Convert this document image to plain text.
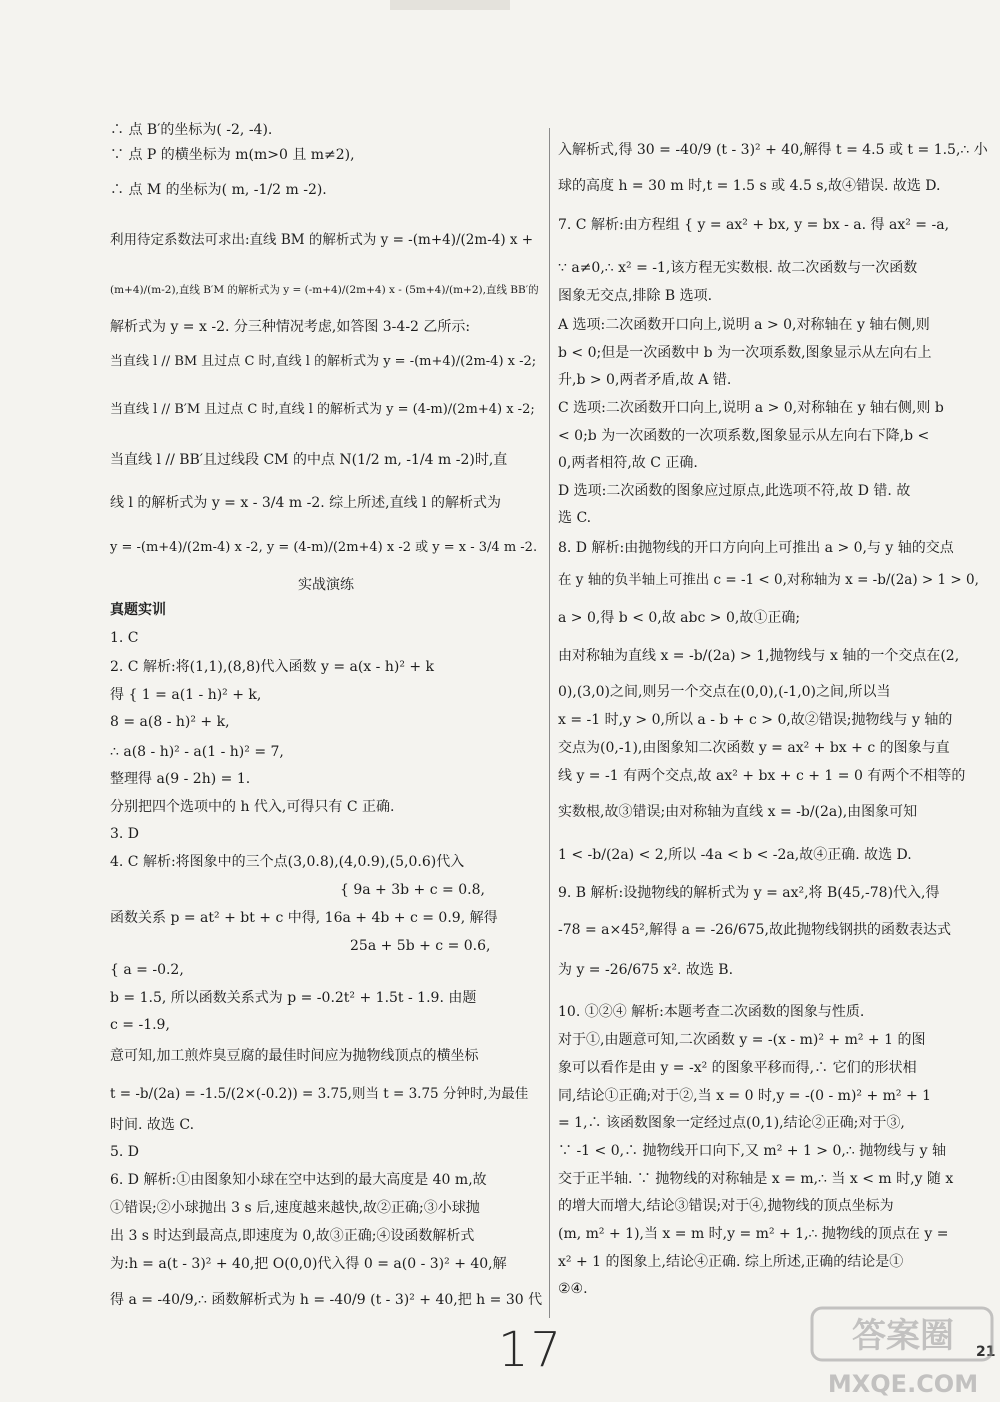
∴ 点 B′的坐标为( -2, -4).
∵ 点 P 的横坐标为 m(m>0 且 m≠2),
∴ 点 M 的坐标为( m, -1/2 m -2).
利用待定系数法可求出:直线 BM 的解析式为 y = -(m+4)/(2m-4) x +
(m+4)/(m-2),直线 B′M 的解析式为 y = (-m+4)/(2m+4) x - (5m+4)/(m+2),直线 BB′的
解析式为 y = x -2. 分三种情况考虑,如答图 3-4-2 乙所示:
当直线 l // BM 且过点 C 时,直线 l 的解析式为 y = -(m+4)/(2m-4) x -2;
当直线 l // B′M 且过点 C 时,直线 l 的解析式为 y = (4-m)/(2m+4) x -2;
当直线 l // BB′且过线段 CM 的中点 N(1/2 m, -1/4 m -2)时,直
线 l 的解析式为 y = x - 3/4 m -2. 综上所述,直线 l 的解析式为
y = -(m+4)/(2m-4) x -2, y = (4-m)/(2m+4) x -2 或 y = x - 3/4 m -2.
实战演练
真题实训
1. C
2. C 解析:将(1,1),(8,8)代入函数 y = a(x - h)² + k
得 { 1 = a(1 - h)² + k,
8 = a(8 - h)² + k,
∴ a(8 - h)² - a(1 - h)² = 7,
整理得 a(9 - 2h) = 1.
分别把四个选项中的 h 代入,可得只有 C 正确.
3. D
4. C 解析:将图象中的三个点(3,0.8),(4,0.9),(5,0.6)代入
{ 9a + 3b + c = 0.8,
函数关系 p = at² + bt + c 中得, 16a + 4b + c = 0.9, 解得
25a + 5b + c = 0.6,
{ a = -0.2,
b = 1.5, 所以函数关系式为 p = -0.2t² + 1.5t - 1.9. 由题
c = -1.9,
意可知,加工煎炸臭豆腐的最佳时间应为抛物线顶点的横坐标
t = -b/(2a) = -1.5/(2×(-0.2)) = 3.75,则当 t = 3.75 分钟时,为最佳
时间. 故选 C.
5. D
6. D 解析:①由图象知小球在空中达到的最大高度是 40 m,故
①错误;②小球抛出 3 s 后,速度越来越快,故②正确;③小球抛
出 3 s 时达到最高点,即速度为 0,故③正确;④设函数解析式
为:h = a(t - 3)² + 40,把 O(0,0)代入得 0 = a(0 - 3)² + 40,解
得 a = -40/9,∴ 函数解析式为 h = -40/9 (t - 3)² + 40,把 h = 30 代
入解析式,得 30 = -40/9 (t - 3)² + 40,解得 t = 4.5 或 t = 1.5,∴ 小
球的高度 h = 30 m 时,t = 1.5 s 或 4.5 s,故④错误. 故选 D.
7. C 解析:由方程组 { y = ax² + bx, y = bx - a. 得 ax² = -a,
∵ a≠0,∴ x² = -1,该方程无实数根. 故二次函数与一次函数
图象无交点,排除 B 选项.
A 选项:二次函数开口向上,说明 a > 0,对称轴在 y 轴右侧,则
b < 0;但是一次函数中 b 为一次项系数,图象显示从左向右上
升,b > 0,两者矛盾,故 A 错.
C 选项:二次函数开口向上,说明 a > 0,对称轴在 y 轴右侧,则 b
< 0;b 为一次函数的一次项系数,图象显示从左向右下降,b <
0,两者相符,故 C 正确.
D 选项:二次函数的图象应过原点,此选项不符,故 D 错. 故
选 C.
8. D 解析:由抛物线的开口方向向上可推出 a > 0,与 y 轴的交点
在 y 轴的负半轴上可推出 c = -1 < 0,对称轴为 x = -b/(2a) > 1 > 0,
a > 0,得 b < 0,故 abc > 0,故①正确;
由对称轴为直线 x = -b/(2a) > 1,抛物线与 x 轴的一个交点在(2,
0),(3,0)之间,则另一个交点在(0,0),(-1,0)之间,所以当
x = -1 时,y > 0,所以 a - b + c > 0,故②错误;抛物线与 y 轴的
交点为(0,-1),由图象知二次函数 y = ax² + bx + c 的图象与直
线 y = -1 有两个交点,故 ax² + bx + c + 1 = 0 有两个不相等的
实数根,故③错误;由对称轴为直线 x = -b/(2a),由图象可知
1 < -b/(2a) < 2,所以 -4a < b < -2a,故④正确. 故选 D.
9. B 解析:设抛物线的解析式为 y = ax²,将 B(45,-78)代入,得
-78 = a×45²,解得 a = -26/675,故此抛物线钢拱的函数表达式
为 y = -26/675 x². 故选 B.
10. ①②④ 解析:本题考查二次函数的图象与性质.
对于①,由题意可知,二次函数 y = -(x - m)² + m² + 1 的图
象可以看作是由 y = -x² 的图象平移而得,∴ 它们的形状相
同,结论①正确;对于②,当 x = 0 时,y = -(0 - m)² + m² + 1
= 1,∴ 该函数图象一定经过点(0,1),结论②正确;对于③,
∵ -1 < 0,∴ 抛物线开口向下,又 m² + 1 > 0,∴ 抛物线与 y 轴
交于正半轴. ∵ 抛物线的对称轴是 x = m,∴ 当 x < m 时,y 随 x
的增大而增大,结论③错误;对于④,抛物线的顶点坐标为
(m, m² + 1),当 x = m 时,y = m² + 1,∴ 抛物线的顶点在 y =
x² + 1 的图象上,结论④正确. 综上所述,正确的结论是①
②④.
17	21
答案圈
MXQE.COM
